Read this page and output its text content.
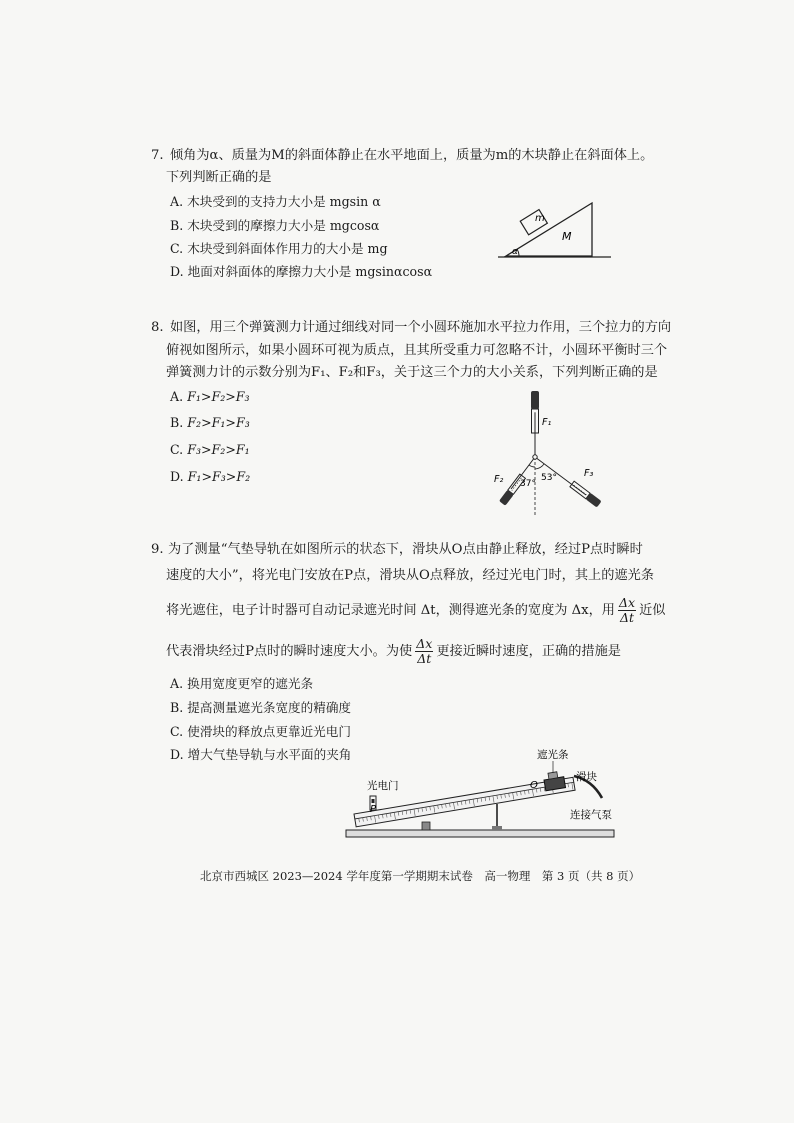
7. 倾角为α、质量为M的斜面体静止在水平地面上，质量为m的木块静止在斜面体上。
下列判断正确的是
A. 木块受到的支持力大小是 mgsin α
B. 木块受到的摩擦力大小是 mgcosα
C. 木块受到斜面体作用力的大小是 mg
D. 地面对斜面体的摩擦力大小是 mgsinαcosα
m
M
α
8. 如图，用三个弹簧测力计通过细线对同一个小圆环施加水平拉力作用，三个拉力的方向
俯视如图所示，如果小圆环可视为质点，且其所受重力可忽略不计，小圆环平衡时三个
弹簧测力计的示数分别为F₁、F₂和F₃，关于这三个力的大小关系，下列判断正确的是
A. F₁>F₂>F₃
B. F₂>F₁>F₃
C. F₃>F₂>F₁
D. F₁>F₃>F₂
F₁
F₂
F₃
37°
53°
9. 为了测量“气垫导轨在如图所示的状态下，滑块从O点由静止释放，经过P点时瞬时
速度的大小”，将光电门安放在P点，滑块从O点释放，经过光电门时，其上的遮光条
将光遮住，电子计时器可自动记录遮光时间 Δt，测得遮光条的宽度为 Δx，用 $\frac{\Delta x}{\Delta t}$ 近似
代表滑块经过P点时的瞬时速度大小。为使 $\frac{\Delta x}{\Delta t}$ 更接近瞬时速度，正确的措施是
A. 换用宽度更窄的遮光条
B. 提高测量遮光条宽度的精确度
C. 使滑块的释放点更靠近光电门
D. 增大气垫导轨与水平面的夹角	遮光条
光电门
滑块
连接气泵
O
P
北京市西城区 2023—2024 学年度第一学期期末试卷　高一物理　第 3 页（共 8 页）
